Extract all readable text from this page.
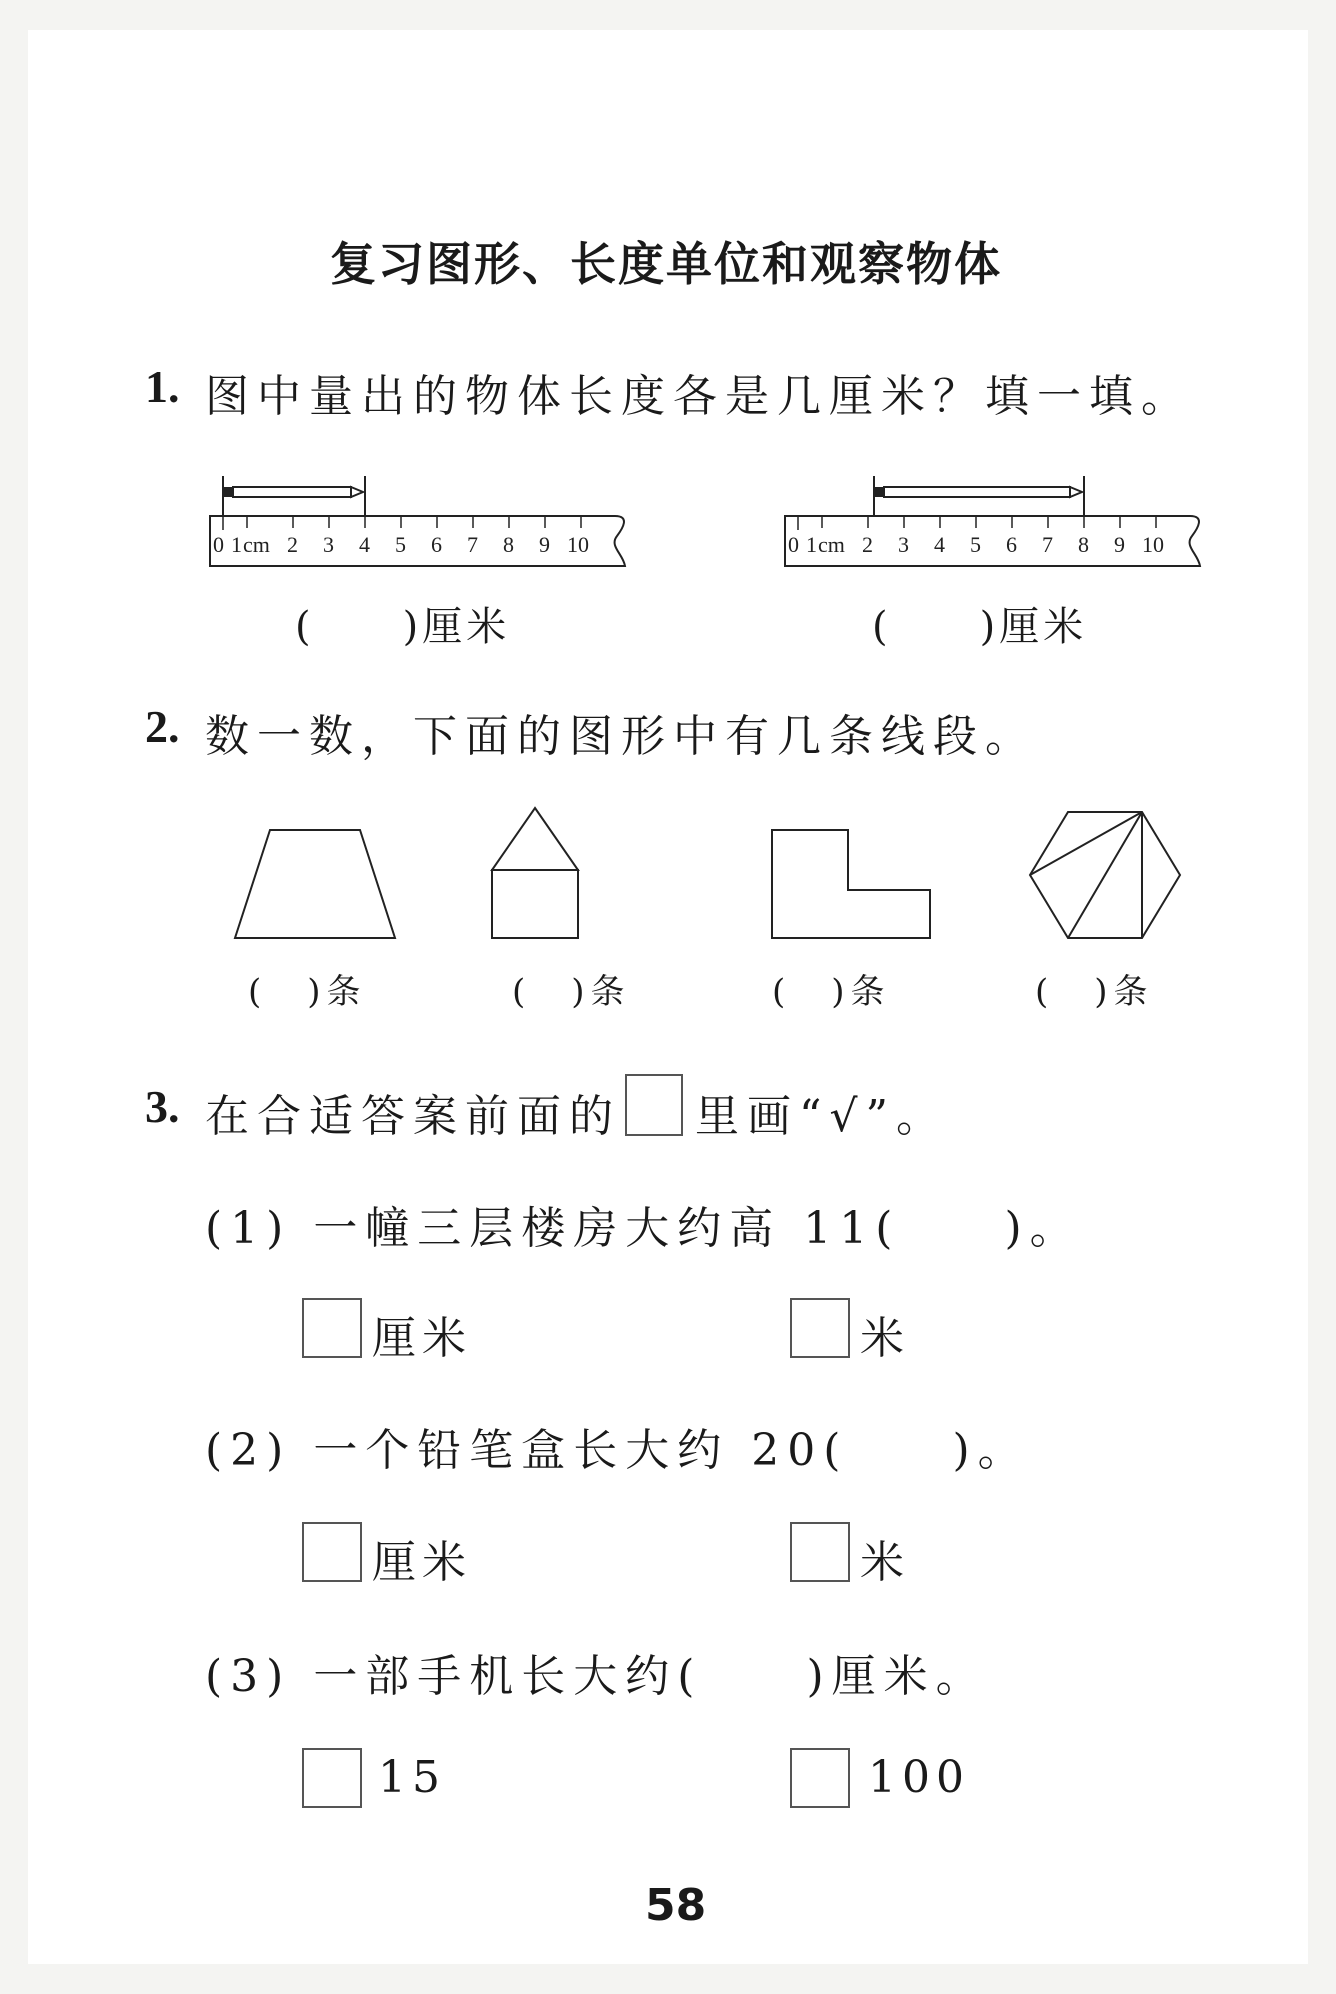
复习图形、长度单位和观察物体
1. 图中量出的物体长度各是几厘米？填一填。
0 1 cm 2 3 4 5 6 7 8 9 10	0 1 cm 2 3 4 5 6 7 8 9 10
(　　)厘米	(　　)厘米
2. 数一数，下面的图形中有几条线段。
(　)条	(　)条	(　)条	(　)条
3. 在合适答案前面的 里画“√”。
(1) 一幢三层楼房大约高 11(　　)。
厘米	米
(2) 一个铅笔盒长大约 20(　　)。
厘米	米
(3) 一部手机长大约(　　)厘米。
15	100
58
